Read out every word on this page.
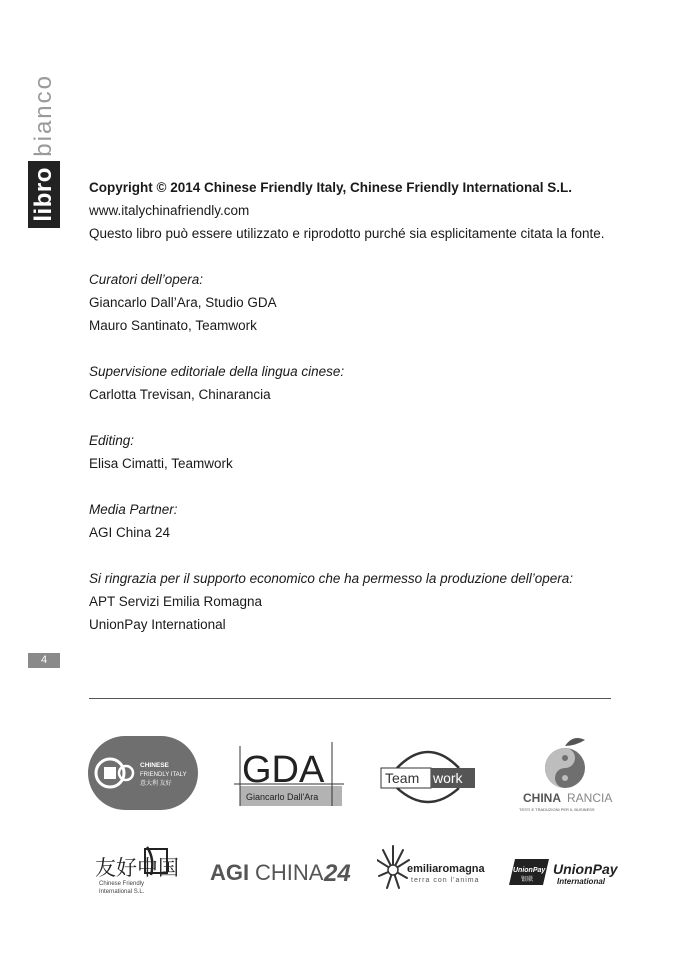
libro
bianco
4

Copyright © 2014 Chinese Friendly Italy, Chinese Friendly International S.L.

www.italychinafriendly.com

Questo libro può essere utilizzato e riprodotto purché sia esplicitamente citata la fonte.

Curatori dell’opera:

Giancarlo Dall’Ara, Studio GDA

Mauro Santinato, Teamwork

Supervisione editoriale della lingua cinese:

Carlotta Trevisan, Chinarancia

Editing:

Elisa Cimatti, Teamwork

Media Partner:

AGI China 24

Si ringrazia per il supporto economico che ha permesso la produzione dell’opera:

APT Servizi Emilia Romagna

UnionPay International

CHINESE
FRIENDLY ITALY
意大利 友好 GDA
Giancarlo Dall'Ara
Team work
CHINA RANCIA
TESTI E TRADUZIONI PER IL BUSINESS
友好中国
Chinese Friendly
International S.L.
AGI CHINA 24	emiliaromagna
terra con l'anima
UnionPay
银联
UnionPay
International
